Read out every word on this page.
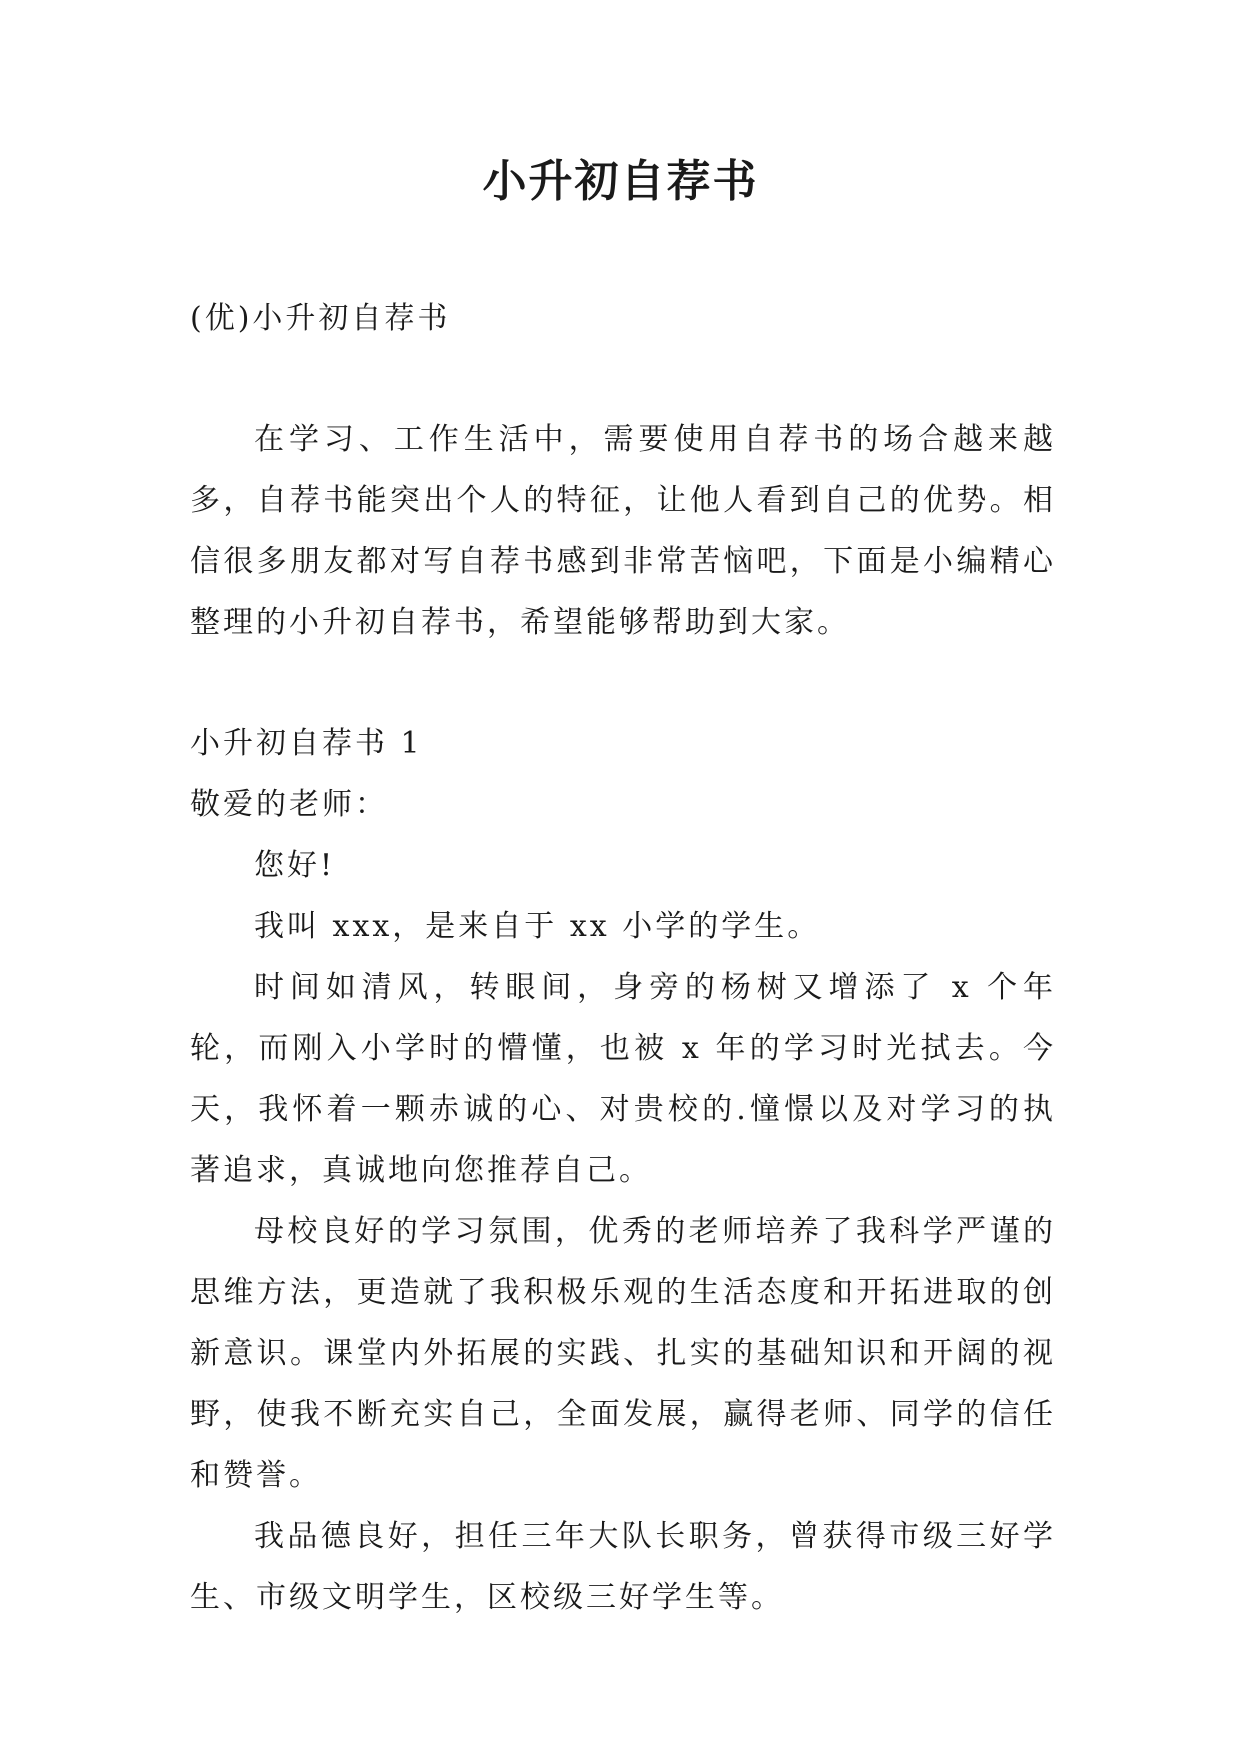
小升初自荐书

(优)小升初自荐书

在学习、工作生活中，需要使用自荐书的场合越来越多，自荐书能突出个人的特征，让他人看到自己的优势。相信很多朋友都对写自荐书感到非常苦恼吧，下面是小编精心整理的小升初自荐书，希望能够帮助到大家。

小升初自荐书 1

敬爱的老师：

您好!

我叫 xxx，是来自于 xx 小学的学生。

时间如清风，转眼间，身旁的杨树又增添了 x 个年轮，而刚入小学时的懵懂，也被 x 年的学习时光拭去。今天，我怀着一颗赤诚的心、对贵校的.憧憬以及对学习的执著追求，真诚地向您推荐自己。

母校良好的学习氛围，优秀的老师培养了我科学严谨的思维方法，更造就了我积极乐观的生活态度和开拓进取的创新意识。课堂内外拓展的实践、扎实的基础知识和开阔的视野，使我不断充实自己，全面发展，赢得老师、同学的信任和赞誉。

我品德良好，担任三年大队长职务，曾获得市级三好学生、市级文明学生，区校级三好学生等。
